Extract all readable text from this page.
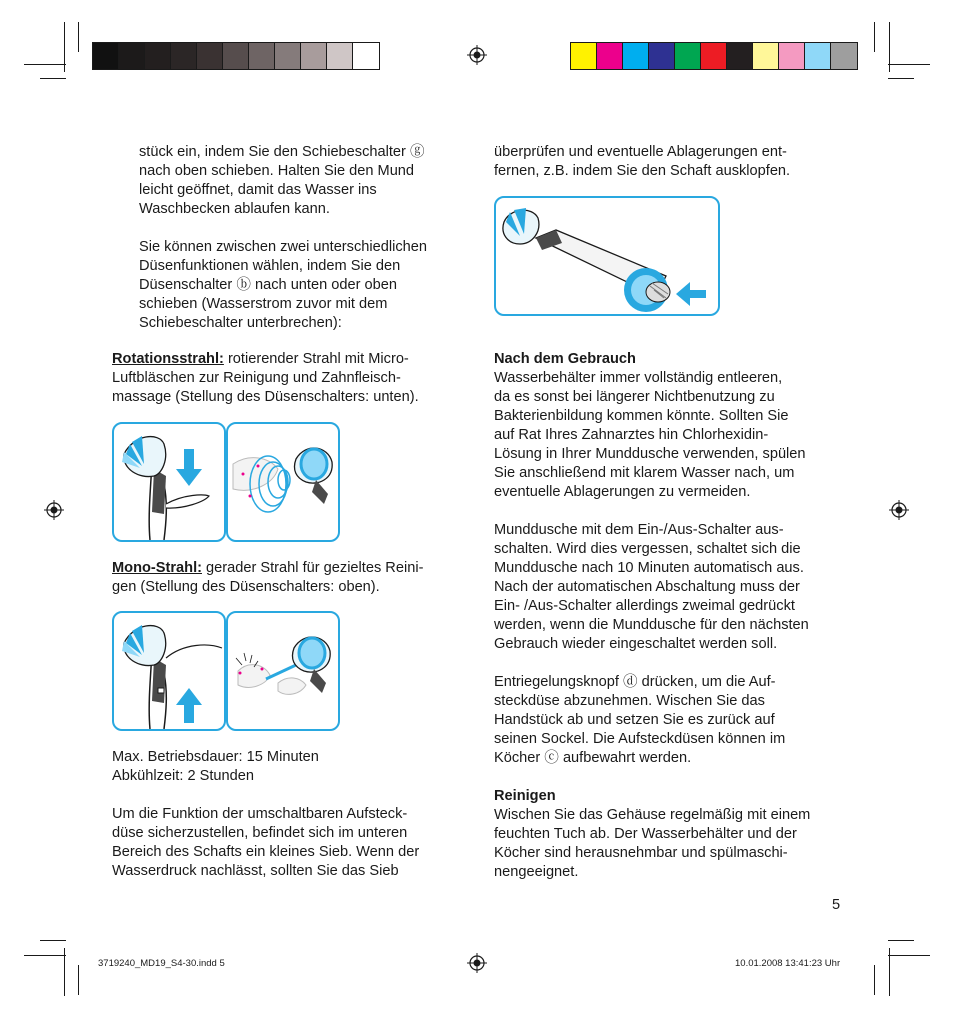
stück ein, indem Sie den Schiebeschalter ⓖ

nach oben schieben. Halten Sie den Mund

leicht geöffnet, damit das Wasser ins

Waschbecken ablaufen kann.

Sie können zwischen zwei unterschiedlichen

Düsenfunktionen wählen, indem Sie den

Düsenschalter ⓑ nach unten oder oben

schieben (Wasserstrom zuvor mit dem

Schiebeschalter unterbrechen):

Rotationsstrahl: rotierender Strahl mit Micro-

Luftbläschen zur Reinigung und Zahnfleisch-

massage (Stellung des Düsenschalters: unten).

Mono-Strahl: gerader Strahl für gezieltes Reini-

gen (Stellung des Düsenschalters: oben).

Max. Betriebsdauer: 15 Minuten

Abkühlzeit: 2 Stunden

Um die Funktion der umschaltbaren Aufsteck-

düse sicherzustellen, befindet sich im unteren

Bereich des Schafts ein kleines Sieb. Wenn der

Wasserdruck nachlässt, sollten Sie das Sieb

überprüfen und eventuelle Ablagerungen ent-

fernen, z.B. indem Sie den Schaft ausklopfen.

Nach dem Gebrauch

Wasserbehälter immer vollständig entleeren,

da es sonst bei längerer Nichtbenutzung zu

Bakterienbildung kommen könnte. Sollten Sie

auf Rat Ihres Zahnarztes hin Chlorhexidin-

Lösung in Ihrer Munddusche verwenden, spülen

Sie anschließend mit klarem Wasser nach, um

eventuelle Ablagerungen zu vermeiden.

Munddusche mit dem Ein-/Aus-Schalter aus-

schalten. Wird dies vergessen, schaltet sich die

Munddusche nach 10 Minuten automatisch aus.

Nach der automatischen Abschaltung muss der

Ein- /Aus-Schalter allerdings zweimal gedrückt

werden, wenn die Munddusche für den nächsten

Gebrauch wieder eingeschaltet werden soll.

Entriegelungsknopf ⓓ drücken, um die Auf-

steckdüse abzunehmen. Wischen Sie das

Handstück ab und setzen Sie es zurück auf

seinen Sockel. Die Aufsteckdüsen können im

Köcher ⓒ aufbewahrt werden.

Reinigen

Wischen Sie das Gehäuse regelmäßig mit einem

feuchten Tuch ab. Der Wasserbehälter und der

Köcher sind herausnehmbar und spülmaschi-

nengeeignet.

5
3719240_MD19_S4-30.indd 5	10.01.2008 13:41:23 Uhr
